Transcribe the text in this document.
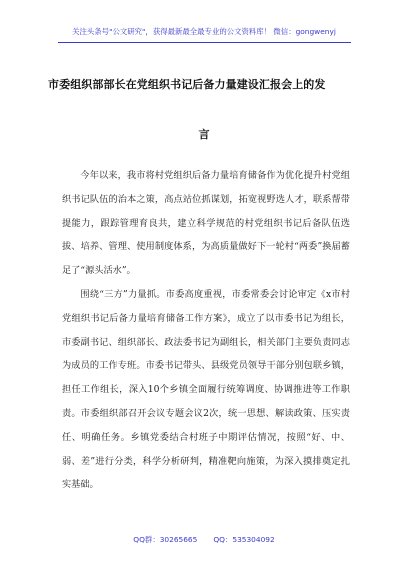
关注头条号"公文研究"，获得最新最全最专业的公文资料库！ 微信：gongwenyj
市委组织部部长在党组织书记后备力量建设汇报会上的发
言

今年以来，我市将村党组织后备力量培育储备作为优化提升村党组织书记队伍的治本之策，高点站位抓谋划，拓宽视野选人才，联系帮带提能力，跟踪管理育良共，建立科学规范的村党组织书记后备队伍选拔、培养、管理、使用制度体系，为高质量做好下一轮村“两委”换届蓄足了“源头活水”。

围绕“三方”力量抓。市委高度重视，市委常委会讨论审定《x市村党组织书记后备力量培育储备工作方案》，成立了以市委书记为组长，市委副书记、组织部长、政法委书记为副组长，相关部门主要负责同志为成员的工作专班。市委书记带头、县级党员领导干部分别包联乡镇，担任工作组长，深入10个乡镇全面履行统筹调度、协调推进等工作职责。市委组织部召开会议专题会议2次，统一思想、解读政策、压实责任、明确任务。乡镇党委结合村班子中期评估情况，按照“好、中、弱、差”进行分类，科学分析研判，精准靶向施策，为深入摸排奠定扎实基础。

QQ群：30265665 QQ：535304092
